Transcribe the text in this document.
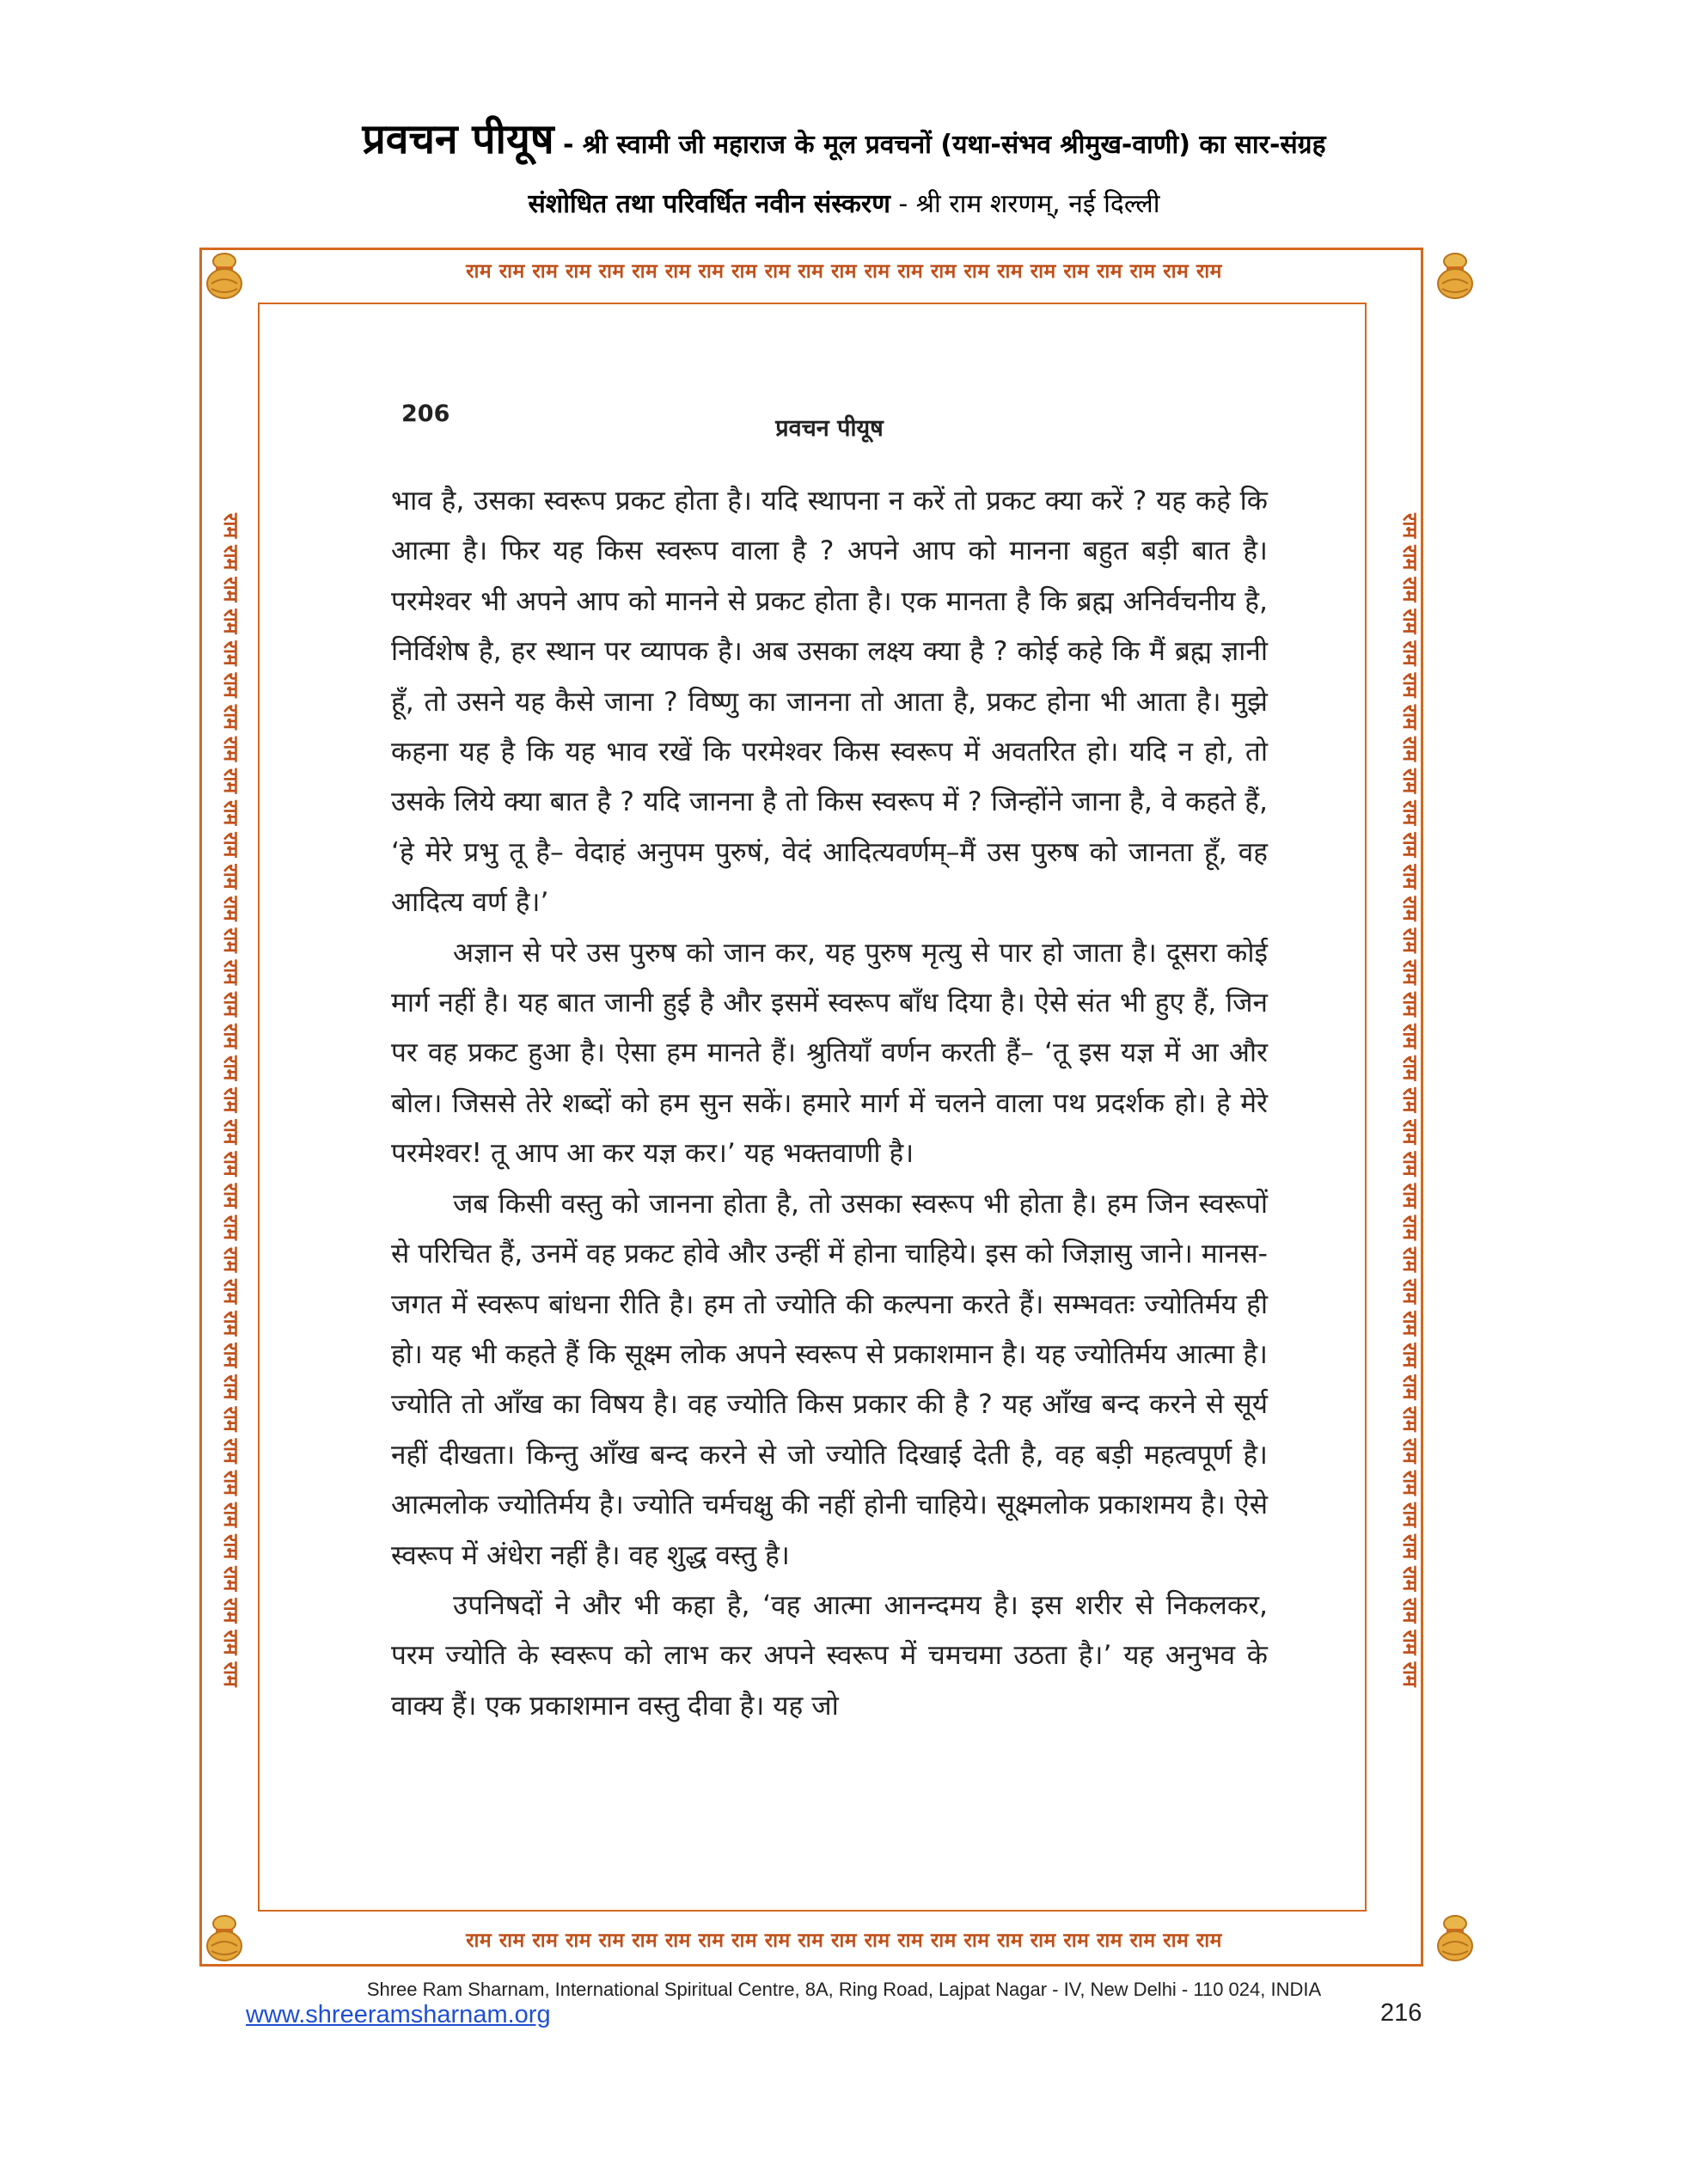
प्रवचन पीयूष - श्री स्वामी जी महाराज के मूल प्रवचनों (यथा-संभव श्रीमुख-वाणी) का सार-संग्रह
संशोधित तथा परिवर्धित नवीन संस्करण - श्री राम शरणम्, नई दिल्ली
राम राम राम राम राम राम राम राम राम राम राम राम राम राम राम राम राम राम राम राम राम राम राम
राम राम राम राम राम राम राम राम राम राम राम राम राम राम राम राम राम राम राम राम राम राम राम
राम राम राम राम राम राम राम राम राम राम राम राम राम राम राम राम राम राम राम राम राम राम राम राम राम राम राम राम राम राम राम राम राम राम राम राम राम	राम राम राम राम राम राम राम राम राम राम राम राम राम राम राम राम राम राम राम राम राम राम राम राम राम राम राम राम राम राम राम राम राम राम राम राम राम
206
प्रवचन पीयूष

भाव है, उसका स्वरूप प्रकट होता है। यदि स्थापना न करें तो प्रकट क्या करें ? यह कहे कि आत्मा है। फिर यह किस स्वरूप वाला है ? अपने आप को मानना बहुत बड़ी बात है। परमेश्वर भी अपने आप को मानने से प्रकट होता है। एक मानता है कि ब्रह्म अनिर्वचनीय है, निर्विशेष है, हर स्थान पर व्यापक है। अब उसका लक्ष्य क्या है ? कोई कहे कि मैं ब्रह्म ज्ञानी हूँ, तो उसने यह कैसे जाना ? विष्णु का जानना तो आता है, प्रकट होना भी आता है। मुझे कहना यह है कि यह भाव रखें कि परमेश्वर किस स्वरूप में अवतरित हो। यदि न हो, तो उसके लिये क्या बात है ? यदि जानना है तो किस स्वरूप में ? जिन्होंने जाना है, वे कहते हैं, ‘हे मेरे प्रभु तू है– वेदाहं अनुपम पुरुषं, वेदं आदित्यवर्णम्–मैं उस पुरुष को जानता हूँ, वह आदित्य वर्ण है।’

अज्ञान से परे उस पुरुष को जान कर, यह पुरुष मृत्यु से पार हो जाता है। दूसरा कोई मार्ग नहीं है। यह बात जानी हुई है और इसमें स्वरूप बाँध दिया है। ऐसे संत भी हुए हैं, जिन पर वह प्रकट हुआ है। ऐसा हम मानते हैं। श्रुतियाँ वर्णन करती हैं– ‘तू इस यज्ञ में आ और बोल। जिससे तेरे शब्दों को हम सुन सकें। हमारे मार्ग में चलने वाला पथ प्रदर्शक हो। हे मेरे परमेश्वर! तू आप आ कर यज्ञ कर।’ यह भक्तवाणी है।

जब किसी वस्तु को जानना होता है, तो उसका स्वरूप भी होता है। हम जिन स्वरूपों से परिचित हैं, उनमें वह प्रकट होवे और उन्हीं में होना चाहिये। इस को जिज्ञासु जाने। मानस-जगत में स्वरूप बांधना रीति है। हम तो ज्योति की कल्पना करते हैं। सम्भवतः ज्योतिर्मय ही हो। यह भी कहते हैं कि सूक्ष्म लोक अपने स्वरूप से प्रकाशमान है। यह ज्योतिर्मय आत्मा है। ज्योति तो आँख का विषय है। वह ज्योति किस प्रकार की है ? यह आँख बन्द करने से सूर्य नहीं दीखता। किन्तु आँख बन्द करने से जो ज्योति दिखाई देती है, वह बड़ी महत्वपूर्ण है। आत्मलोक ज्योतिर्मय है। ज्योति चर्मचक्षु की नहीं होनी चाहिये। सूक्ष्मलोक प्रकाशमय है। ऐसे स्वरूप में अंधेरा नहीं है। वह शुद्ध वस्तु है।

उपनिषदों ने और भी कहा है, ‘वह आत्मा आनन्दमय है। इस शरीर से निकलकर, परम ज्योति के स्वरूप को लाभ कर अपने स्वरूप में चमचमा उठता है।’ यह अनुभव के वाक्य हैं। एक प्रकाशमान वस्तु दीवा है। यह जो

Shree Ram Sharnam, International Spiritual Centre, 8A, Ring Road, Lajpat Nagar - IV, New Delhi - 110 024, INDIA
www.shreeramsharnam.org	216
